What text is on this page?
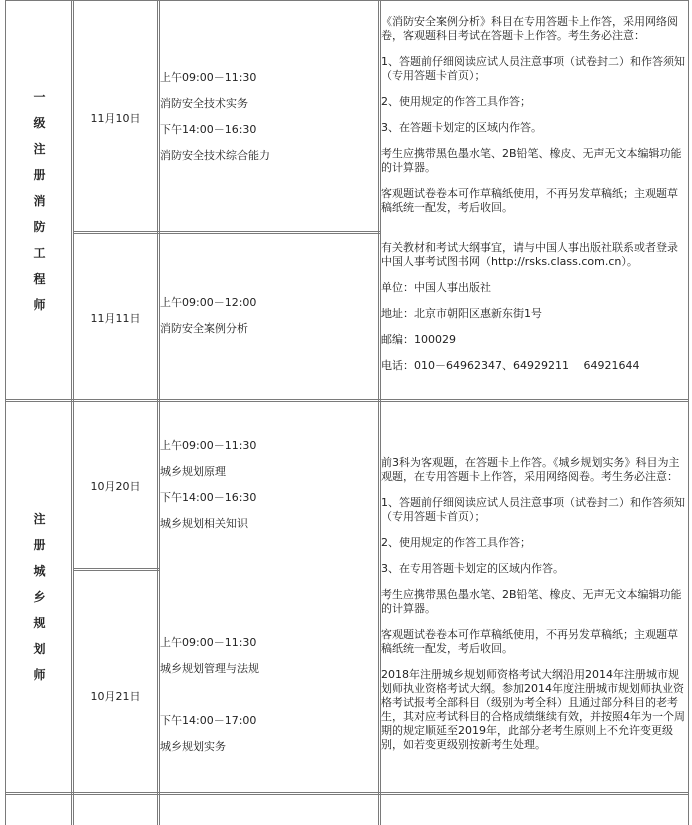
一
级
注
册
消
防
工
程
师
11月10日
11月11日
上午09:00－11:30
消防安全技术实务
下午14:00－16:30
消防安全技术综合能力
上午09:00－12:00
消防安全案例分析

《消防安全案例分析》科目在专用答题卡上作答，采用网络阅卷，客观题科目考试在答题卡上作答。考生务必注意：

1、答题前仔细阅读应试人员注意事项（试卷封二）和作答须知（专用答题卡首页）；

2、使用规定的作答工具作答；

3、在答题卡划定的区域内作答。

考生应携带黑色墨水笔、2B铅笔、橡皮、无声无文本编辑功能的计算器。

客观题试卷卷本可作草稿纸使用，不再另发草稿纸；主观题草稿纸统一配发，考后收回。

有关教材和考试大纲事宜，请与中国人事出版社联系或者登录中国人事考试图书网（http://rsks.class.com.cn）。

单位：中国人事出版社

地址：北京市朝阳区惠新东街1号

邮编：100029

电话：010－64962347、64929211　 64921644

注
册
城
乡
规
划
师
10月20日
10月21日
上午09:00－11:30
城乡规划原理
下午14:00－16:30
城乡规划相关知识
上午09:00－11:30
城乡规划管理与法规
下午14:00－17:00
城乡规划实务

前3科为客观题，在答题卡上作答。《城乡规划实务》科目为主观题，在专用答题卡上作答，采用网络阅卷。考生务必注意：

1、答题前仔细阅读应试人员注意事项（试卷封二）和作答须知（专用答题卡首页）；

2、使用规定的作答工具作答；

3、在专用答题卡划定的区域内作答。

考生应携带黑色墨水笔、2B铅笔、橡皮、无声无文本编辑功能的计算器。

客观题试卷卷本可作草稿纸使用，不再另发草稿纸；主观题草稿纸统一配发，考后收回。

2018年注册城乡规划师资格考试大纲沿用2014年注册城市规划师执业资格考试大纲。参加2014年度注册城市规划师执业资格考试报考全部科目（级别为考全科）且通过部分科目的老考生，其对应考试科目的合格成绩继续有效，并按照4年为一个周期的规定顺延至2019年，此部分老考生原则上不允许变更级别，如若变更级别按新考生处理。
